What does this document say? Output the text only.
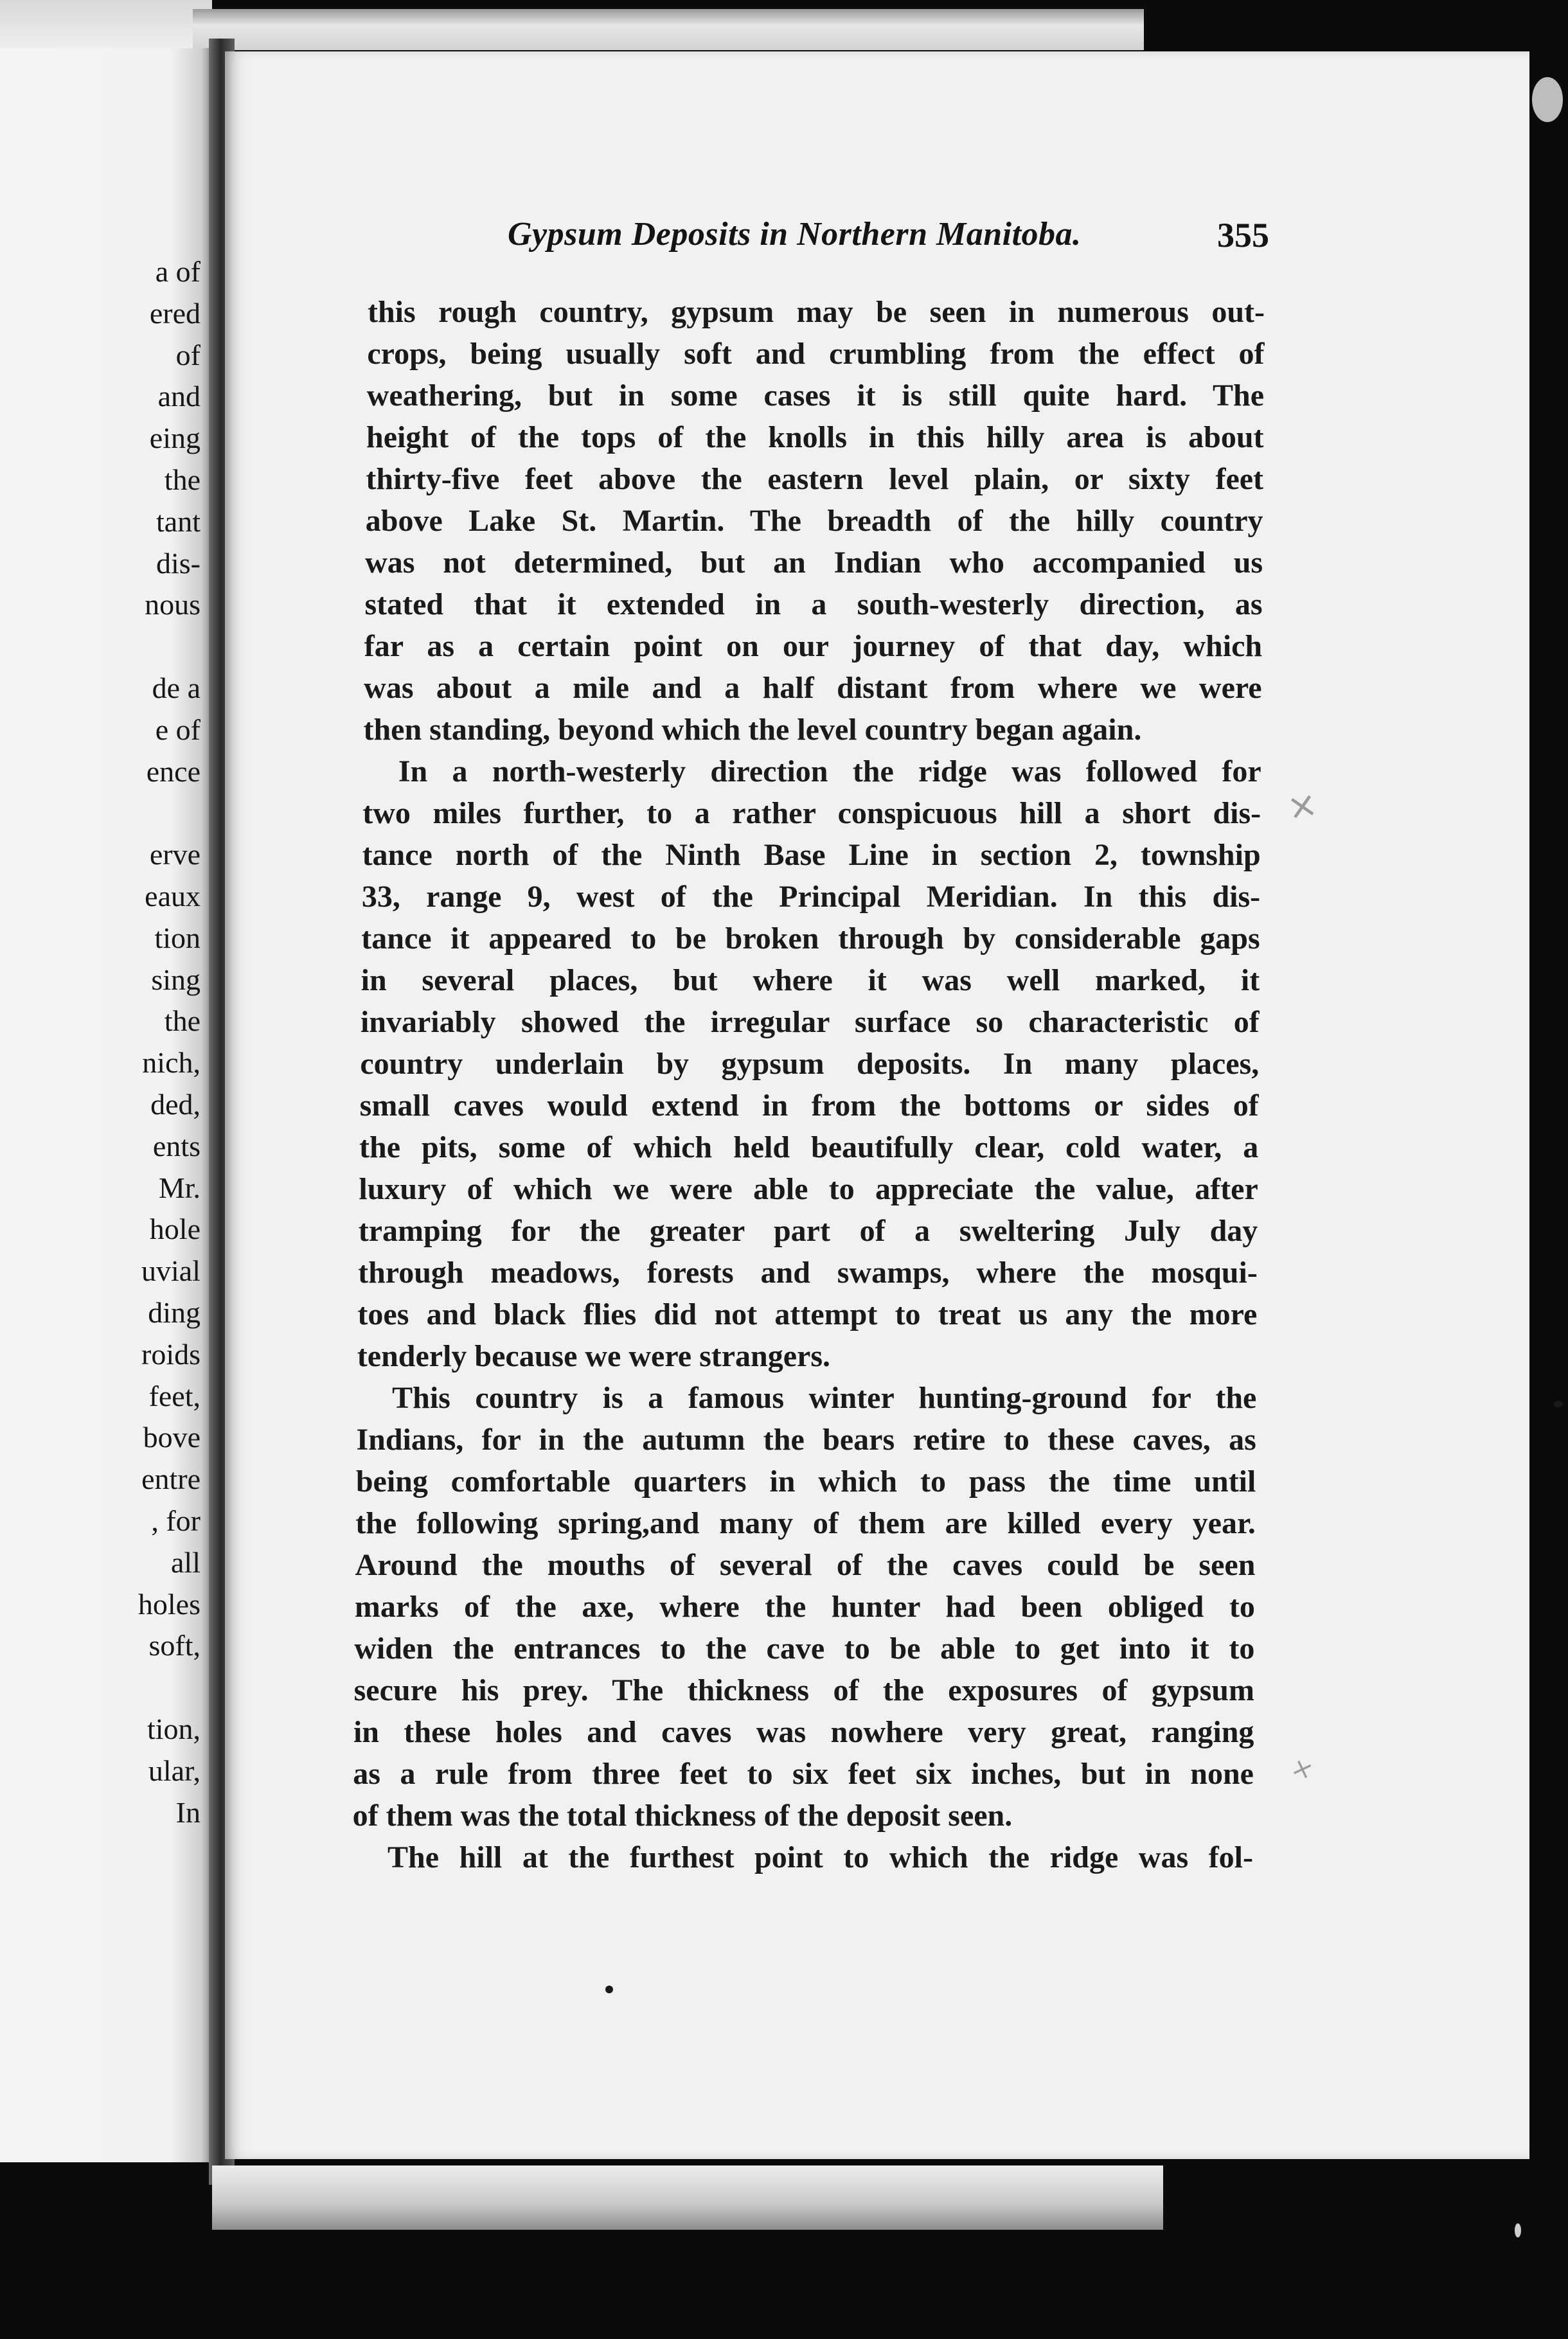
a of
ered
of
and
eing
the
tant
dis-
nous
de a
e of
ence
erve
eaux
tion
sing
the
nich,
ded,
ents
Mr.
hole
uvial
ding
roids
feet,
bove
entre
, for
all
holes
soft,
tion,
ular,
In
Gypsum Deposits in Northern Manitoba.	355
this rough country, gypsum may be seen in numerous out-
crops, being usually soft and crumbling from the effect of
weathering, but in some cases it is still quite hard. The
height of the tops of the knolls in this hilly area is about
thirty-five feet above the eastern level plain, or sixty feet
above Lake St. Martin. The breadth of the hilly country
was not determined, but an Indian who accompanied us
stated that it extended in a south-westerly direction, as
far as a certain point on our journey of that day, which
was about a mile and a half distant from where we were
then standing, beyond which the level country began again.
In a north-westerly direction the ridge was followed for
two miles further, to a rather conspicuous hill a short dis-
tance north of the Ninth Base Line in section 2, township
33, range 9, west of the Principal Meridian. In this dis-
tance it appeared to be broken through by considerable gaps
in several places, but where it was well marked, it
invariably showed the irregular surface so characteristic of
country underlain by gypsum deposits. In many places,
small caves would extend in from the bottoms or sides of
the pits, some of which held beautifully clear, cold water, a
luxury of which we were able to appreciate the value, after
tramping for the greater part of a sweltering July day
through meadows, forests and swamps, where the mosqui-
toes and black flies did not attempt to treat us any the more
tenderly because we were strangers.
This country is a famous winter hunting-ground for the
Indians, for in the autumn the bears retire to these caves, as
being comfortable quarters in which to pass the time until
the following spring,and many of them are killed every year.
Around the mouths of several of the caves could be seen
marks of the axe, where the hunter had been obliged to
widen the entrances to the cave to be able to get into it to
secure his prey. The thickness of the exposures of gypsum
in these holes and caves was nowhere very great, ranging
as a rule from three feet to six feet six inches, but in none
of them was the total thickness of the deposit seen.
The hill at the furthest point to which the ridge was fol-
×
×
